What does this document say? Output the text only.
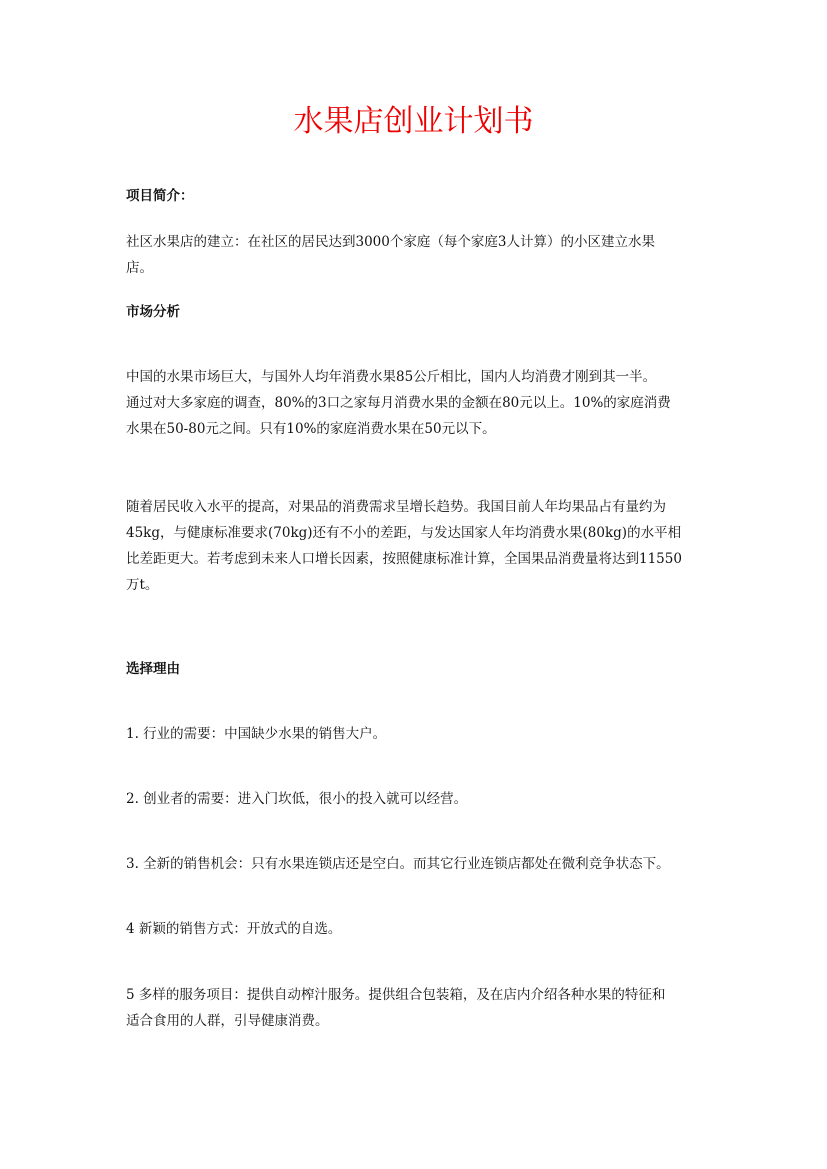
水果店创业计划书
项目简介：
社区水果店的建立：在社区的居民达到3000个家庭（每个家庭3人计算）的小区建立水果
店。
市场分析
中国的水果市场巨大，与国外人均年消费水果85公斤相比，国内人均消费才刚到其一半。
通过对大多家庭的调查，80%的3口之家每月消费水果的金额在80元以上。10%的家庭消费
水果在50-80元之间。只有10%的家庭消费水果在50元以下。
随着居民收入水平的提高，对果品的消费需求呈增长趋势。我国目前人年均果品占有量约为
45kg，与健康标准要求(70kg)还有不小的差距，与发达国家人年均消费水果(80kg)的水平相
比差距更大。若考虑到未来人口增长因素，按照健康标准计算，全国果品消费量将达到11550
万t。
选择理由
1. 行业的需要：中国缺少水果的销售大户。
2. 创业者的需要：进入门坎低，很小的投入就可以经营。
3. 全新的销售机会：只有水果连锁店还是空白。而其它行业连锁店都处在微利竞争状态下。
4 新颖的销售方式：开放式的自选。
5 多样的服务项目：提供自动榨汁服务。提供组合包装箱，及在店内介绍各种水果的特征和
适合食用的人群，引导健康消费。
